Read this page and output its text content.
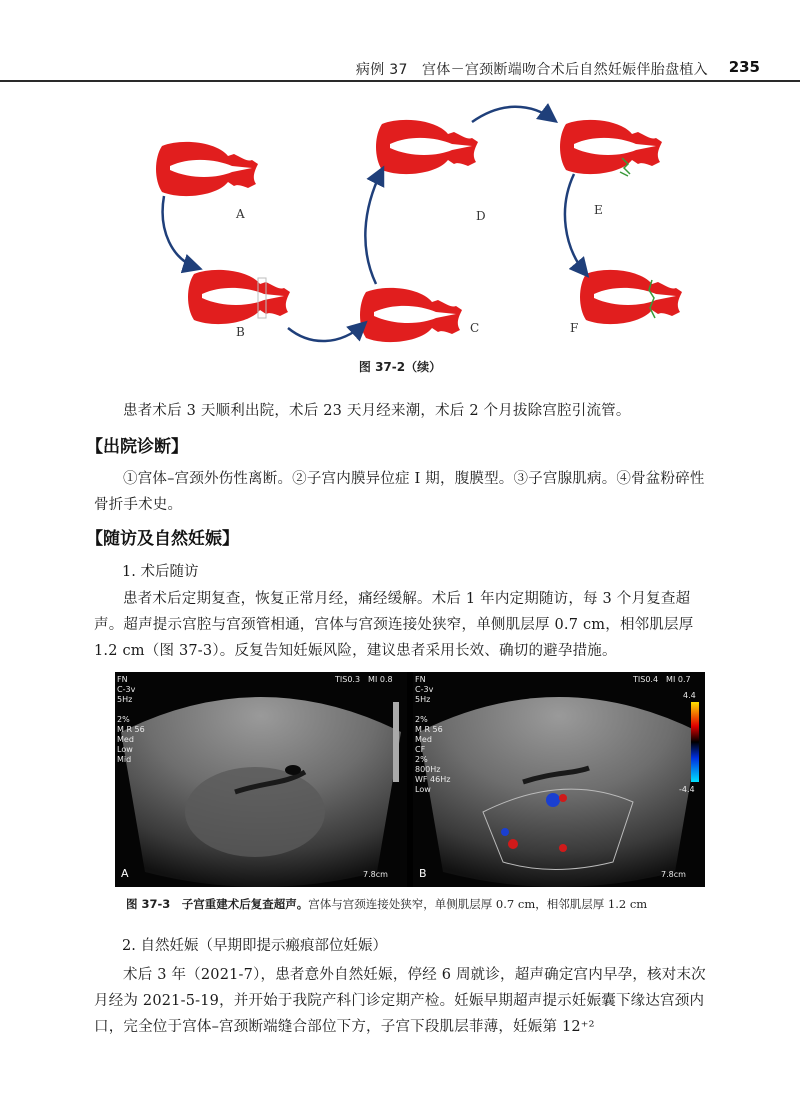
病例 37　宫体－宫颈断端吻合术后自然妊娠伴胎盘植入 235
A
B	C
D	E
F
图 37-2（续）
患者术后 3 天顺利出院，术后 23 天月经来潮，术后 2 个月拔除宫腔引流管。
【出院诊断】
①宫体–宫颈外伤性离断。②子宫内膜异位症 Ⅰ 期，腹膜型。③子宫腺肌病。④骨盆粉碎性骨折手术史。
【随访及自然妊娠】
1. 术后随访
患者术后定期复查，恢复正常月经，痛经缓解。术后 1 年内定期随访，每 3 个月复查超声。超声提示宫腔与宫颈管相通，宫体与宫颈连接处狭窄，单侧肌层厚 0.7 cm，相邻肌层厚 1.2 cm（图 37-3）。反复告知妊娠风险，建议患者采用长效、确切的避孕措施。
FN
C-3v
5Hz
TIS0.3　MI 0.8
2%
M R 56
Med
Low
Mid
7.8cm
A
FN
C-3v
5Hz
TIS0.4　MI 0.7
2%
M R 56
Med
CF
2%
800Hz
WF 46Hz
Low
4.4
-4.4
7.8cm
B
图 37-3　子宫重建术后复查超声。宫体与宫颈连接处狭窄，单侧肌层厚 0.7 cm，相邻肌层厚 1.2 cm
2. 自然妊娠（早期即提示瘢痕部位妊娠）
术后 3 年（2021-7），患者意外自然妊娠，停经 6 周就诊，超声确定宫内早孕，核对末次月经为 2021-5-19，并开始于我院产科门诊定期产检。妊娠早期超声提示妊娠囊下缘达宫颈内口，完全位于宫体–宫颈断端缝合部位下方，子宫下段肌层菲薄，妊娠第 12⁺²
